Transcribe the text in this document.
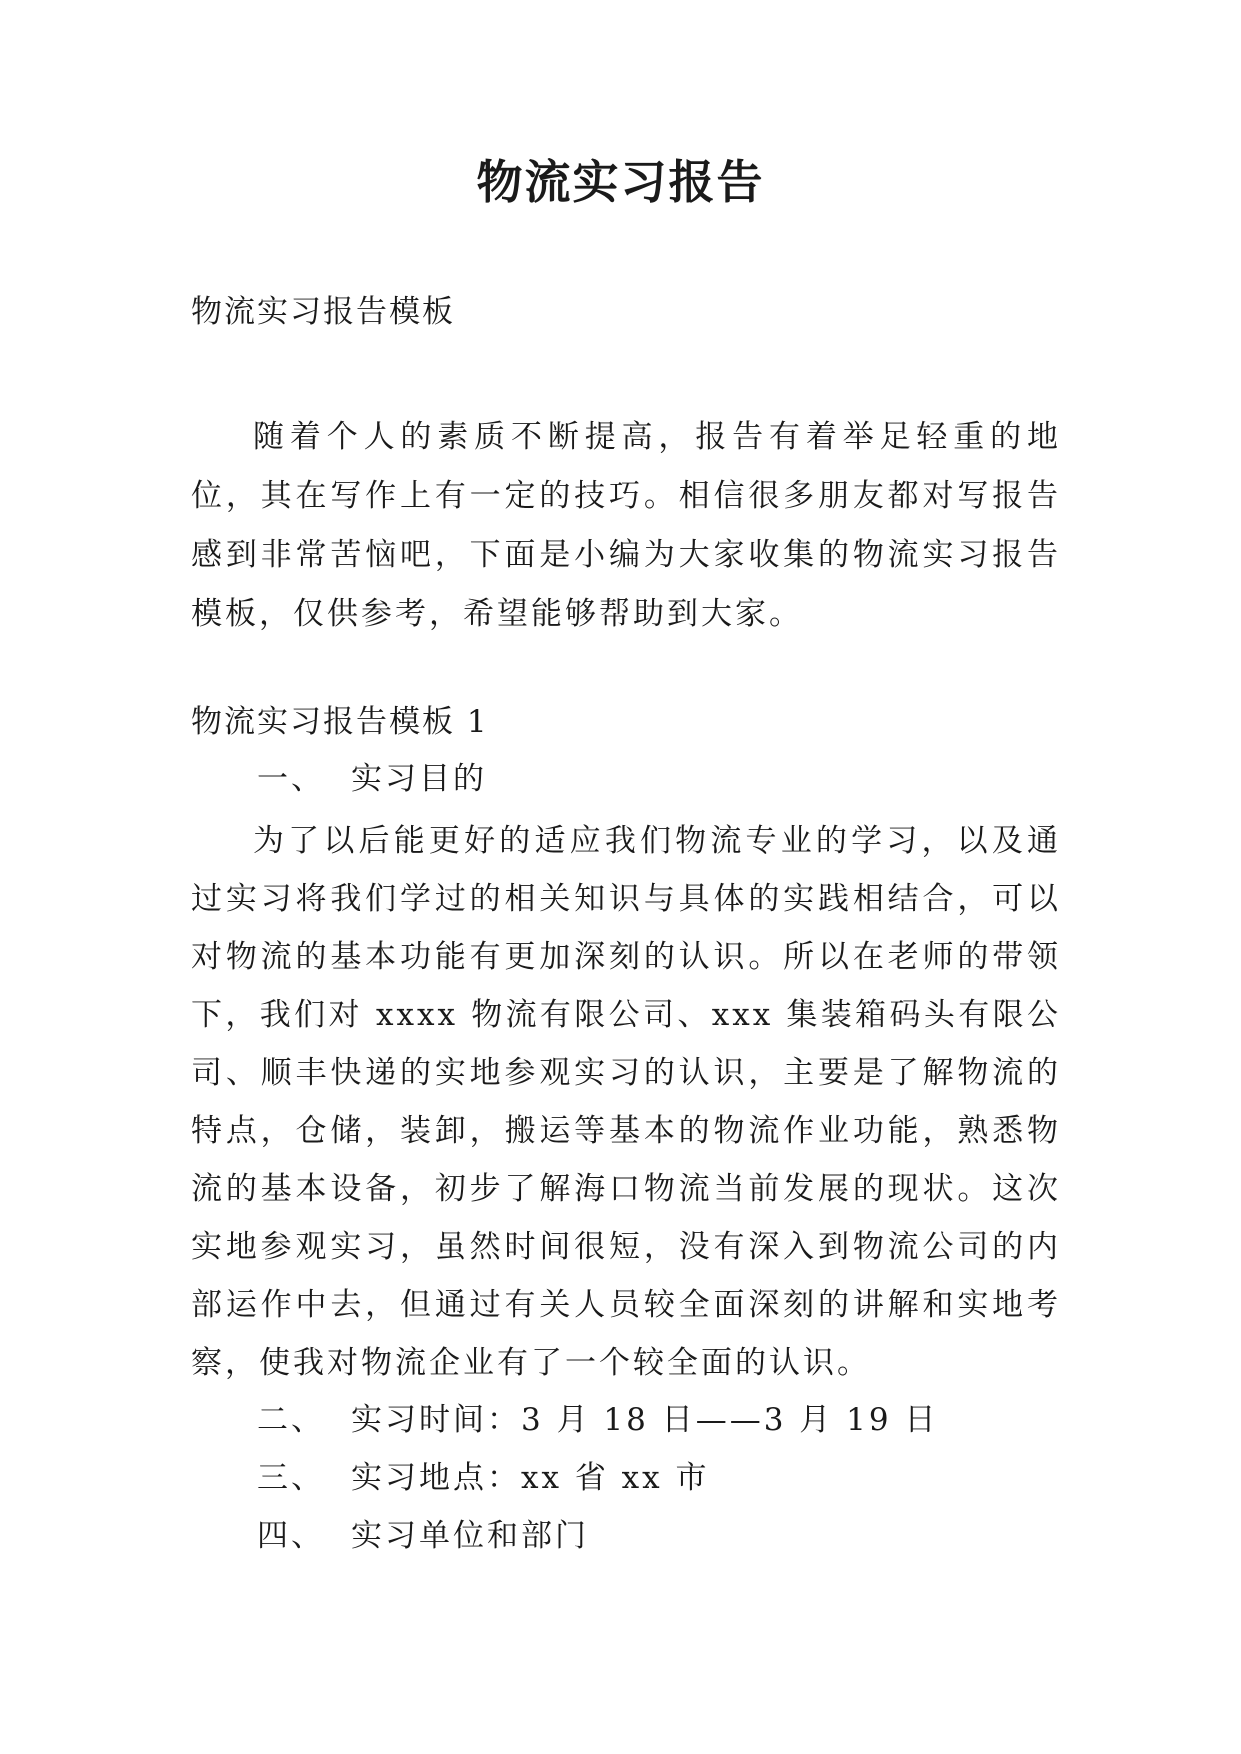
物流实习报告
物流实习报告模板
随着个人的素质不断提高，报告有着举足轻重的地位，其在写作上有一定的技巧。相信很多朋友都对写报告感到非常苦恼吧，下面是小编为大家收集的物流实习报告模板，仅供参考，希望能够帮助到大家。
物流实习报告模板 1
一、 实习目的
为了以后能更好的适应我们物流专业的学习，以及通过实习将我们学过的相关知识与具体的实践相结合，可以对物流的基本功能有更加深刻的认识。所以在老师的带领下，我们对 xxxx 物流有限公司、xxx 集装箱码头有限公司、顺丰快递的实地参观实习的认识，主要是了解物流的特点，仓储，装卸，搬运等基本的物流作业功能，熟悉物流的基本设备，初步了解海口物流当前发展的现状。这次实地参观实习，虽然时间很短，没有深入到物流公司的内部运作中去，但通过有关人员较全面深刻的讲解和实地考察，使我对物流企业有了一个较全面的认识。
二、 实习时间：3 月 18 日——3 月 19 日
三、 实习地点：xx 省 xx 市
四、 实习单位和部门
